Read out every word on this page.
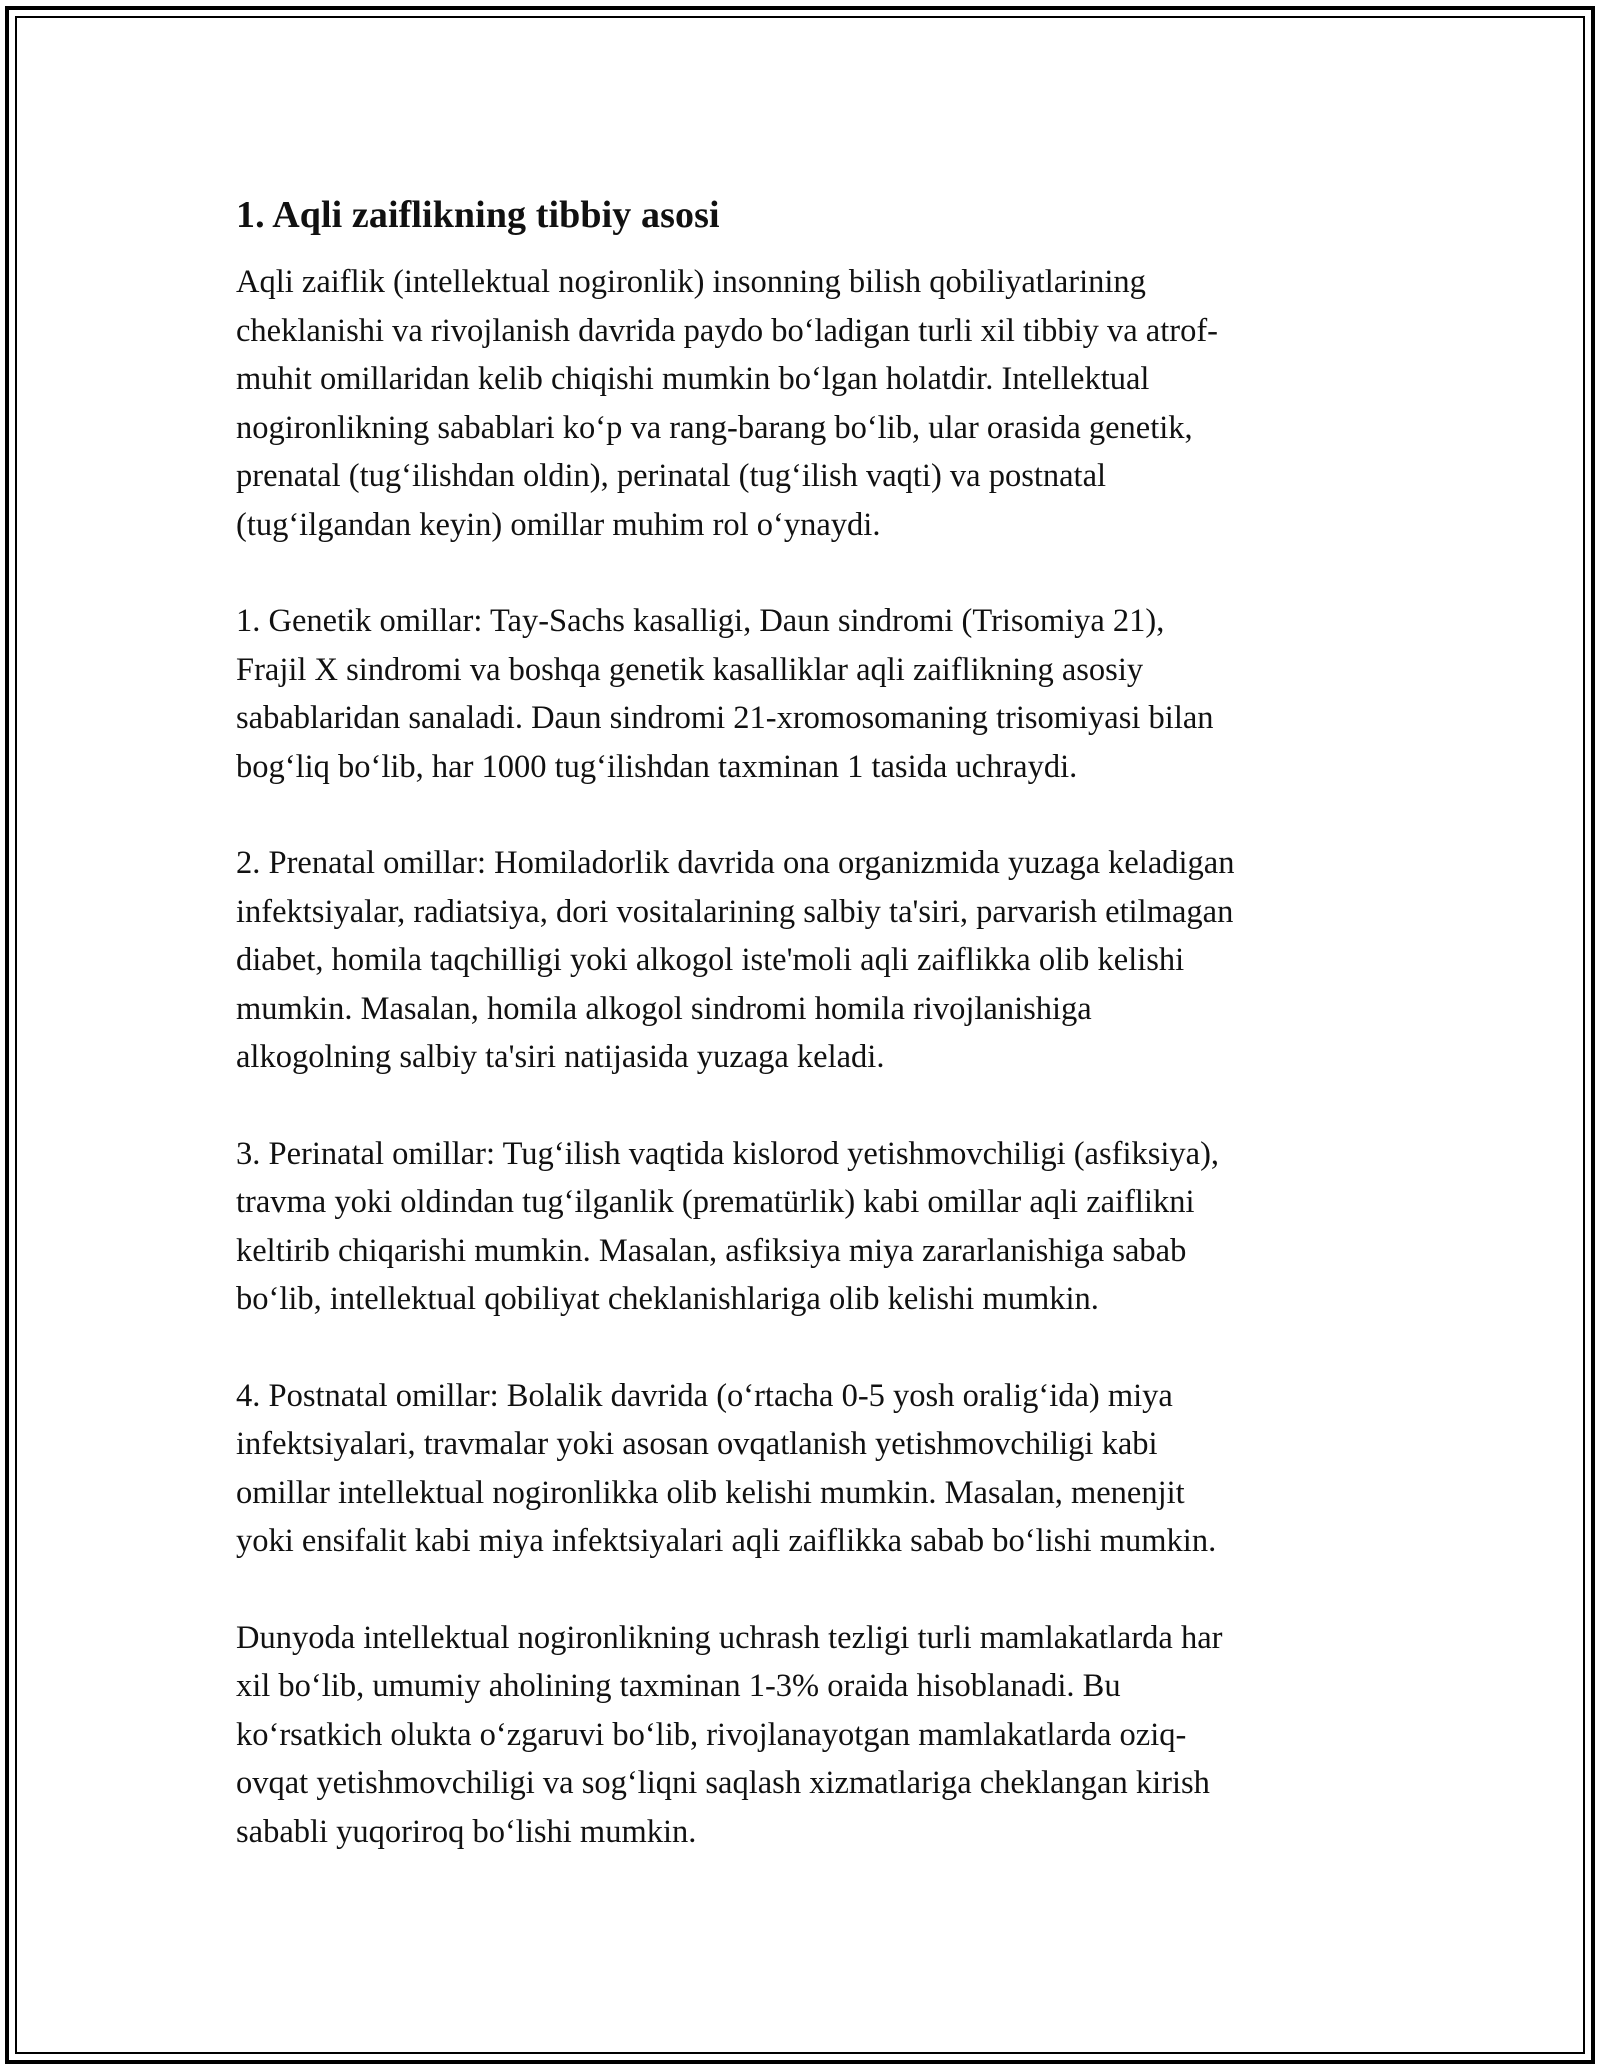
1. Aqli zaiflikning tibbiy asosi

Aqli zaiflik (intellektual nogironlik) insonning bilish qobiliyatlarining
cheklanishi va rivojlanish davrida paydo bo‘ladigan turli xil tibbiy va atrof-
muhit omillaridan kelib chiqishi mumkin bo‘lgan holatdir. Intellektual
nogironlikning sabablari ko‘p va rang-barang bo‘lib, ular orasida genetik,
prenatal (tug‘ilishdan oldin), perinatal (tug‘ilish vaqti) va postnatal
(tug‘ilgandan keyin) omillar muhim rol o‘ynaydi.

1. Genetik omillar: Tay-Sachs kasalligi, Daun sindromi (Trisomiya 21),
Frajil X sindromi va boshqa genetik kasalliklar aqli zaiflikning asosiy
sabablaridan sanaladi. Daun sindromi 21-xromosomaning trisomiyasi bilan
bog‘liq bo‘lib, har 1000 tug‘ilishdan taxminan 1 tasida uchraydi.

2. Prenatal omillar: Homiladorlik davrida ona organizmida yuzaga keladigan
infektsiyalar, radiatsiya, dori vositalarining salbiy ta'siri, parvarish etilmagan
diabet, homila taqchilligi yoki alkogol iste'moli aqli zaiflikka olib kelishi
mumkin. Masalan, homila alkogol sindromi homila rivojlanishiga
alkogolning salbiy ta'siri natijasida yuzaga keladi.

3. Perinatal omillar: Tug‘ilish vaqtida kislorod yetishmovchiligi (asfiksiya),
travma yoki oldindan tug‘ilganlik (prematürlik) kabi omillar aqli zaiflikni
keltirib chiqarishi mumkin. Masalan, asfiksiya miya zararlanishiga sabab
bo‘lib, intellektual qobiliyat cheklanishlariga olib kelishi mumkin.

4. Postnatal omillar: Bolalik davrida (o‘rtacha 0-5 yosh oralig‘ida) miya
infektsiyalari, travmalar yoki asosan ovqatlanish yetishmovchiligi kabi
omillar intellektual nogironlikka olib kelishi mumkin. Masalan, menenjit
yoki ensifalit kabi miya infektsiyalari aqli zaiflikka sabab bo‘lishi mumkin.

Dunyoda intellektual nogironlikning uchrash tezligi turli mamlakatlarda har
xil bo‘lib, umumiy aholining taxminan 1-3% oraida hisoblanadi. Bu
ko‘rsatkich olukta o‘zgaruvi bo‘lib, rivojlanayotgan mamlakatlarda oziq-
ovqat yetishmovchiligi va sog‘liqni saqlash xizmatlariga cheklangan kirish
sababli yuqoriroq bo‘lishi mumkin.
